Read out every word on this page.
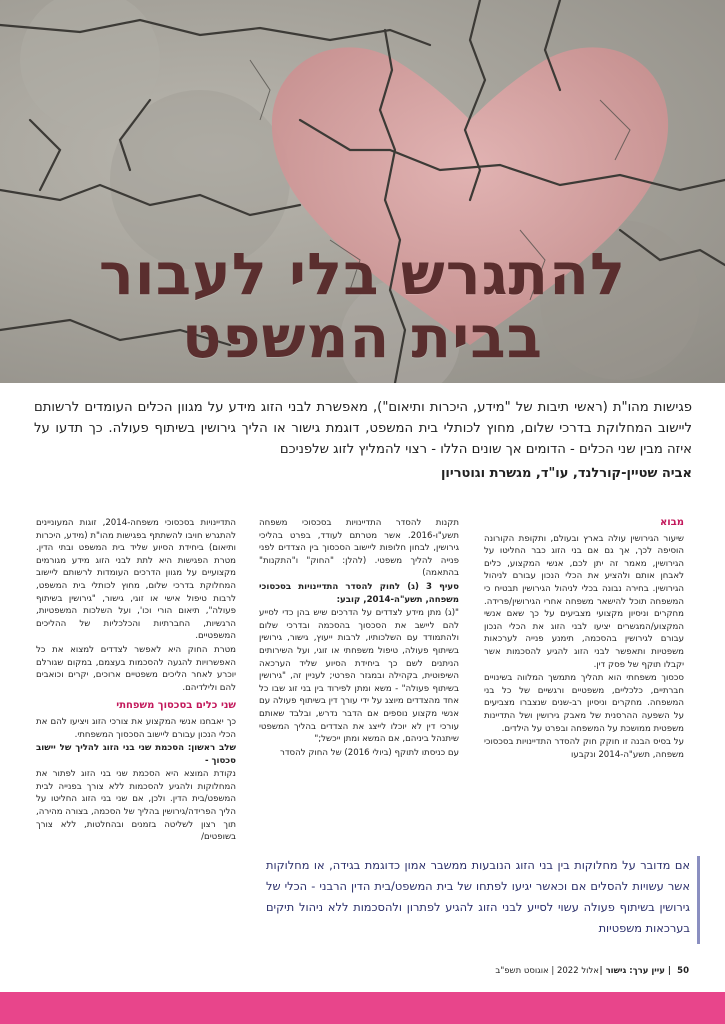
להתגרש בלי לעבור
בבית המשפט
פגישות מהו"ת (ראשי תיבות של "מידע, היכרות ותיאום"), מאפשרת לבני הזוג מידע על מגוון הכלים העומדים לרשותם ליישוב המחלוקת בדרכי שלום, מחוץ לכותלי בית המשפט, דוגמת גישור או הליך גירושין בשיתוף פעולה. כך תדעו על איזה מבין שני הכלים - הדומים אך שונים הללו - רצוי להמליץ לזוג שלפניכם
אביה שטיין-קורלנד, עו"ד, מגשרת וגוטריון
מבוא

שיעור הגירושין עולה בארץ ובעולם, ותקופת הקורונה הוסיפה לכך, אך גם אם בני הזוג כבר החליטו על הגירושין, מאמר זה יתן לכם, אנשי המקצוע, כלים לאבחן אותם ולהציע את הכלי הנכון עבורם לניהול הגירושין. בחירה נבונה בכלי לניהול הגירושין תבטיח כי המשפחה תוכל להישאר משפחה אחרי הגירושין/פרידה. מחקרים וניסיון מקצועי מצביעים על כך שאם אנשי המקצוע/המגשרים יציעו לבני הזוג את הכלי הנכון עבורם לגירושין בהסכמה, תימנע פנייה לערכאות משפטיות ותאפשר לבני הזוג להגיע להסכמות אשר יקבלו תוקף של פסק דין.

סכסוך משפחתי הוא תהליך מתמשך המלווה בשינויים חברתיים, כלכליים, משפטיים ורגשיים של כל בני המשפחה. מחקרים וניסיון רב-שנים שנצברו מצביעים על השפעה ההרסנית של מאבק גירושין ושל התדיינות משפטית ממושכת על המשפחה ובפרט על הילדים.

על בסיס הבנה זו חוקק חוק להסדר התדיינויות בסכסוכי משפחה, תשע"ה-2014 ונקבעו

תקנות להסדר התדיינויות בסכסוכי משפחה תשע"ו-2016. אשר מטרתם לעודד, בפרט בהליכי גירושין, לבחון חלופות ליישוב הסכסוך בין הצדדים לפני פנייה להליך משפטי. (להלן: "החוק" ו"התקנות" בהתאמה)

סעיף 3 (ג) לחוק להסדר התדיינויות בסכסוכי משפחה, תשע"ה-2014, קובע:

"(ג) מתן מידע לצדדים על הדרכים שיש בהן כדי לסייע להם ליישב את הסכסוך בהסכמה ובדרכי שלום ולהתמודד עם השלכותיו, לרבות ייעוץ, גישור, גירושין בשיתוף פעולה, טיפול משפחתי או זוגי, ועל השירותים הניתנים לשם כך ביחידת הסיוע שליד הערכאה השיפוטית, בקהילה ובמגזר הפרטי; לעניין זה, "גירושין בשיתוף פעולה" - משא ומתן לפירוד בין בני זוג שבו כל אחד מהצדדים מיוצג על ידי עורך דין בשיתוף פעולה עם אנשי מקצוע נוספים אם הדבר נדרש, ובלבד שאותם עורכי דין לא יוכלו לייצג את הצדדים בהליך המשפטי שיתנהל ביניהם, אם המשא ומתן ייכשל;"

עם כניסתו לתוקף (ביולי 2016) של החוק להסדר

התדיינויות בסכסוכי משפחה-2014, זוגות המעוניינים להתגרש חויבו להשתתף בפגישות מהו"ת (מידע, היכרות ותיאום) ביחידת הסיוע שליד בית המשפט ובתי הדין. מטרת הפגישות היא לתת לבני הזוג מידע מגורמים מקצועיים על מגוון הדרכים העומדות לרשותם ליישוב המחלוקת בדרכי שלום, מחוץ לכותלי בית המשפט, לרבות טיפול אישי או זוגי, גישור, "גירושין בשיתוף פעולה", תיאום הורי וכו', ועל השלכות המשפטיות, הרגשיות, החברתיות והכלכליות של ההליכים המשפטיים.

מטרת החוק היא לאפשר לצדדים למצוא את כל האפשרויות להגעה להסכמות בעצמם, במקום שגורלם יוכרע לאחר הליכים משפטיים ארוכים, יקרים וכואבים להם ולילדיהם.

שני כלים בסכסוך משפחתי

כך יאבחנו אנשי המקצוע את צורכי הזוג ויציעו להם את הכלי הנכון עבורם ליישוב הסכסוך המשפחתי.

שלב ראשון: הסכמת שני בני הזוג להליך של יישוב סכסוך -

נקודת המוצא היא הסכמת שני בני הזוג לפתור את המחלוקות ולהגיע להסכמות ללא צורך בפנייה לבית המשפט/בית הדין. ולכן, אם שני בני הזוג החליטו על הליך הפרידה/גירושין בהליך של הסכמה, בצורה מהירה, תוך רצון לשליטה בזמנים ובהחלטות, ללא צורך בשופטים/

אם מדובר על מחלוקות בין בני הזוג הנובעות ממשבר אמון כדוגמת בגידה, או מחלוקות אשר עשויות להסלים אם וכאשר יגיעו לפתחו של בית המשפט/בית הדין הרבני - הכלי של גירושין בשיתוף פעולה עשוי לסייע לבני הזוג להגיע לפתרון ולהסכמות ללא ניהול תיקים בערכאות משפטיות
50
| עיין ערך: גישור |
אלול 2022 | אוגוסט תשפ"ב
